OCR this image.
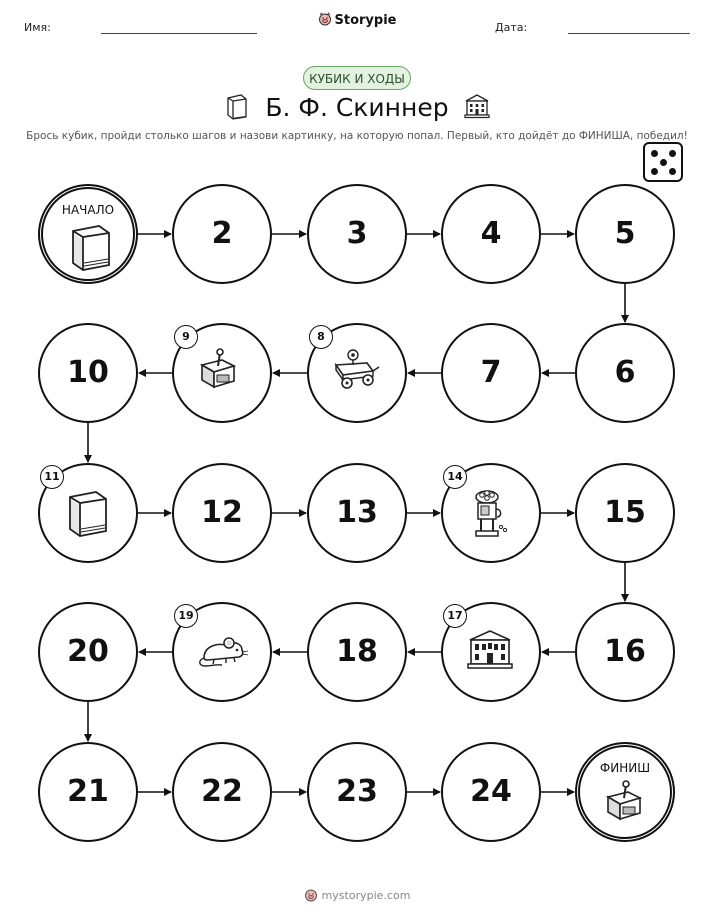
Имя:	Storypie	Дата:
КУБИК И ХОДЫ
Б. Ф. Скиннер
Брось кубик, пройди столько шагов и назови картинку, на которую попал. Первый, кто дойдёт до ФИНИША, победил!
НАЧАЛО
2	3	4	5
6
7
8
9
10
11
12	13
14
15
16
17
18
19
20
21	22	23	24
ФИНИШ
mystorypie.com
